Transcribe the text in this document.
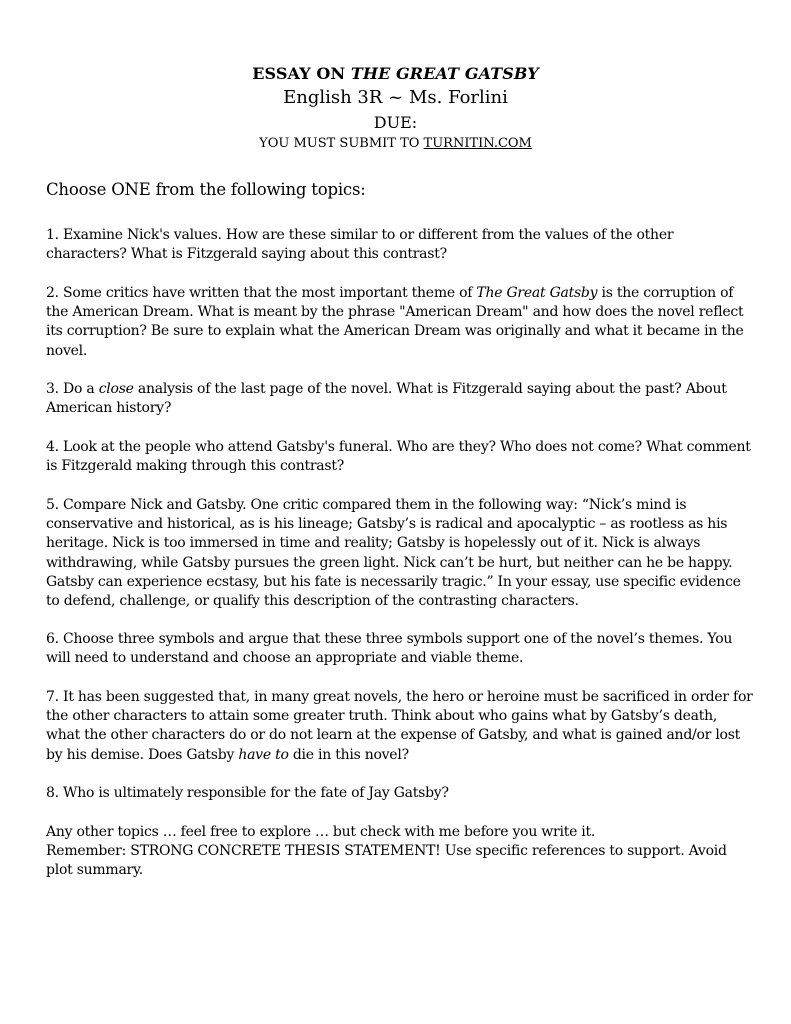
ESSAY ON THE GREAT GATSBY
English 3R ~ Ms. Forlini
DUE:
YOU MUST SUBMIT TO TURNITIN.COM

Choose ONE from the following topics:

1. Examine Nick's values. How are these similar to or different from the values of the other characters? What is Fitzgerald saying about this contrast?

2. Some critics have written that the most important theme of The Great Gatsby is the corruption of the American Dream. What is meant by the phrase "American Dream" and how does the novel reflect its corruption? Be sure to explain what the American Dream was originally and what it became in the novel.

3. Do a close analysis of the last page of the novel. What is Fitzgerald saying about the past? About American history?

4. Look at the people who attend Gatsby's funeral. Who are they? Who does not come? What comment is Fitzgerald making through this contrast?

5. Compare Nick and Gatsby. One critic compared them in the following way: “Nick’s mind is conservative and historical, as is his lineage; Gatsby’s is radical and apocalyptic – as rootless as his heritage. Nick is too immersed in time and reality; Gatsby is hopelessly out of it. Nick is always withdrawing, while Gatsby pursues the green light. Nick can’t be hurt, but neither can he be happy. Gatsby can experience ecstasy, but his fate is necessarily tragic.” In your essay, use specific evidence to defend, challenge, or qualify this description of the contrasting characters.

6. Choose three symbols and argue that these three symbols support one of the novel’s themes. You will need to understand and choose an appropriate and viable theme.

7. It has been suggested that, in many great novels, the hero or heroine must be sacrificed in order for the other characters to attain some greater truth. Think about who gains what by Gatsby’s death, what the other characters do or do not learn at the expense of Gatsby, and what is gained and/or lost by his demise. Does Gatsby have to die in this novel?

8. Who is ultimately responsible for the fate of Jay Gatsby?

Any other topics … feel free to explore … but check with me before you write it.
Remember: STRONG CONCRETE THESIS STATEMENT! Use specific references to support. Avoid plot summary.
